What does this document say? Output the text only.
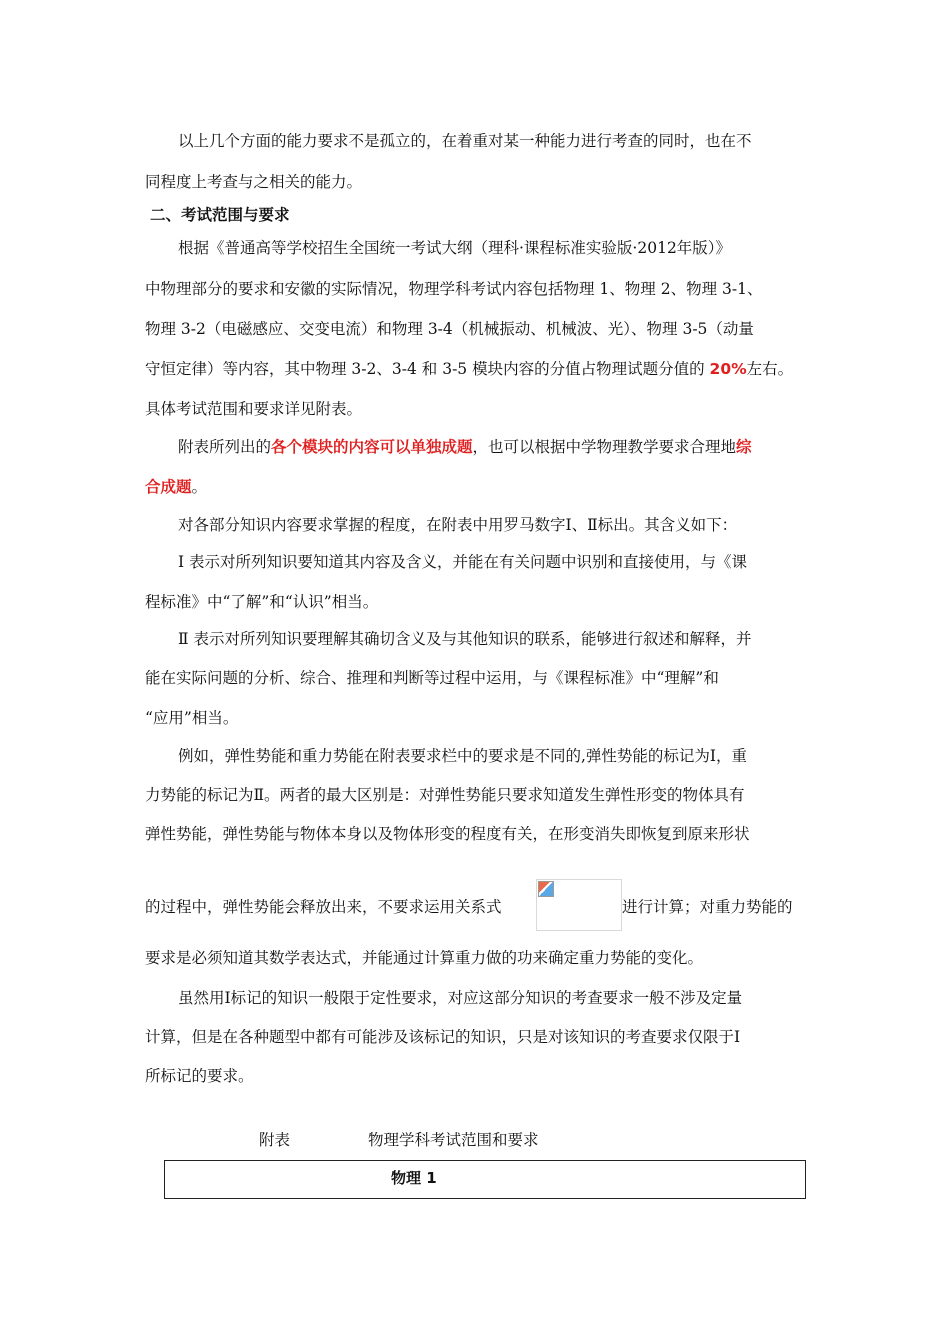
以上几个方面的能力要求不是孤立的，在着重对某一种能力进行考查的同时，也在不
同程度上考查与之相关的能力。
二、考试范围与要求
根据《普通高等学校招生全国统一考试大纲（理科·课程标准实验版·2012年版）》
中物理部分的要求和安徽的实际情况，物理学科考试内容包括物理 1、物理 2、物理 3-1、
物理 3-2（电磁感应、交变电流）和物理 3-4（机械振动、机械波、光）、物理 3-5（动量
守恒定律）等内容，其中物理 3-2、3-4 和 3-5 模块内容的分值占物理试题分值的 20%左右。
具体考试范围和要求详见附表。
附表所列出的各个模块的内容可以单独成题，也可以根据中学物理教学要求合理地综
合成题。
对各部分知识内容要求掌握的程度，在附表中用罗马数字Ⅰ、Ⅱ标出。其含义如下：
Ⅰ 表示对所列知识要知道其内容及含义，并能在有关问题中识别和直接使用，与《课
程标准》中“了解”和“认识”相当。
Ⅱ 表示对所列知识要理解其确切含义及与其他知识的联系，能够进行叙述和解释，并
能在实际问题的分析、综合、推理和判断等过程中运用，与《课程标准》中“理解”和
“应用”相当。
例如，弹性势能和重力势能在附表要求栏中的要求是不同的,弹性势能的标记为Ⅰ，重
力势能的标记为Ⅱ。两者的最大区别是：对弹性势能只要求知道发生弹性形变的物体具有
弹性势能，弹性势能与物体本身以及物体形变的程度有关，在形变消失即恢复到原来形状
的过程中，弹性势能会释放出来，不要求运用关系式	进行计算；对重力势能的
要求是必须知道其数学表达式，并能通过计算重力做的功来确定重力势能的变化。
虽然用Ⅰ标记的知识一般限于定性要求，对应这部分知识的考查要求一般不涉及定量
计算，但是在各种题型中都有可能涉及该标记的知识，只是对该知识的考查要求仅限于Ⅰ
所标记的要求。
附表	物理学科考试范围和要求
物理 1
